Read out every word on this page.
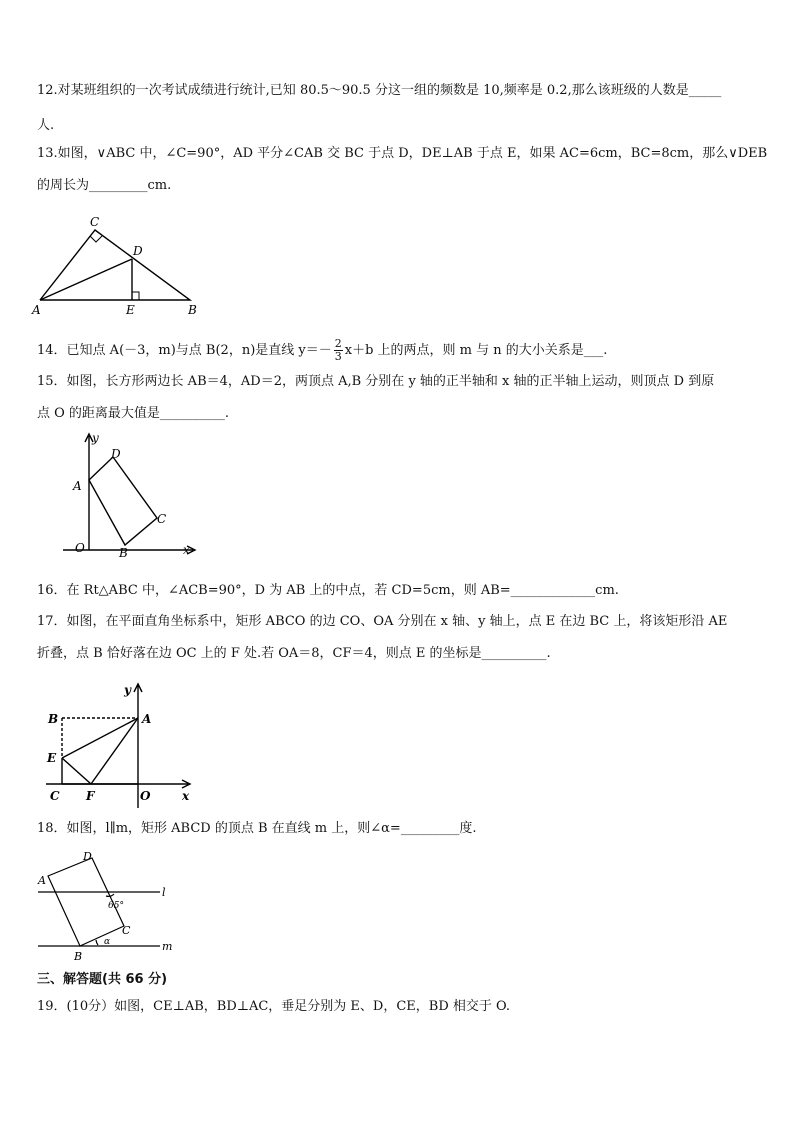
12.对某班组织的一次考试成绩进行统计,已知 80.5～90.5 分这一组的频数是 10,频率是 0.2,那么该班级的人数是_____
人.
13.如图，∨ABC 中，∠C=90°，AD 平分∠CAB 交 BC 于点 D，DE⊥AB 于点 E，如果 AC=6cm，BC=8cm，那么∨DEB
的周长为_________cm.
C
D
A	E	B
14．已知点 A(－3，m)与点 B(2，n)是直线 $y=- \frac{2}{3} x+b$ 上的两点，则 m 与 n 的大小关系是___.
15．如图，长方形两边长 AB＝4，AD＝2，两顶点 A,B 分别在 y 轴的正半轴和 x 轴的正半轴上运动，则顶点 D 到原
点 O 的距离最大值是__________.
y
D
A
C
O	B	x
16．在 Rt△ABC 中，∠ACB=90°，D 为 AB 上的中点，若 CD=5cm，则 AB=_____________cm.
17．如图，在平面直角坐标系中，矩形 ABCO 的边 CO、OA 分别在 x 轴、y 轴上，点 E 在边 BC 上，将该矩形沿 AE
折叠，点 B 恰好落在边 OC 上的 F 处.若 OA＝8，CF＝4，则点 E 的坐标是__________.
y
B	A
E
C F	O	x
18．如图，l∥m，矩形 ABCD 的顶点 B 在直线 m 上，则∠α=_________度.
D
A
l
65°
C
α	m
B
三、解答题(共 66 分)
19．(10分）如图，CE⊥AB，BD⊥AC，垂足分别为 E、D，CE，BD 相交于 O.
